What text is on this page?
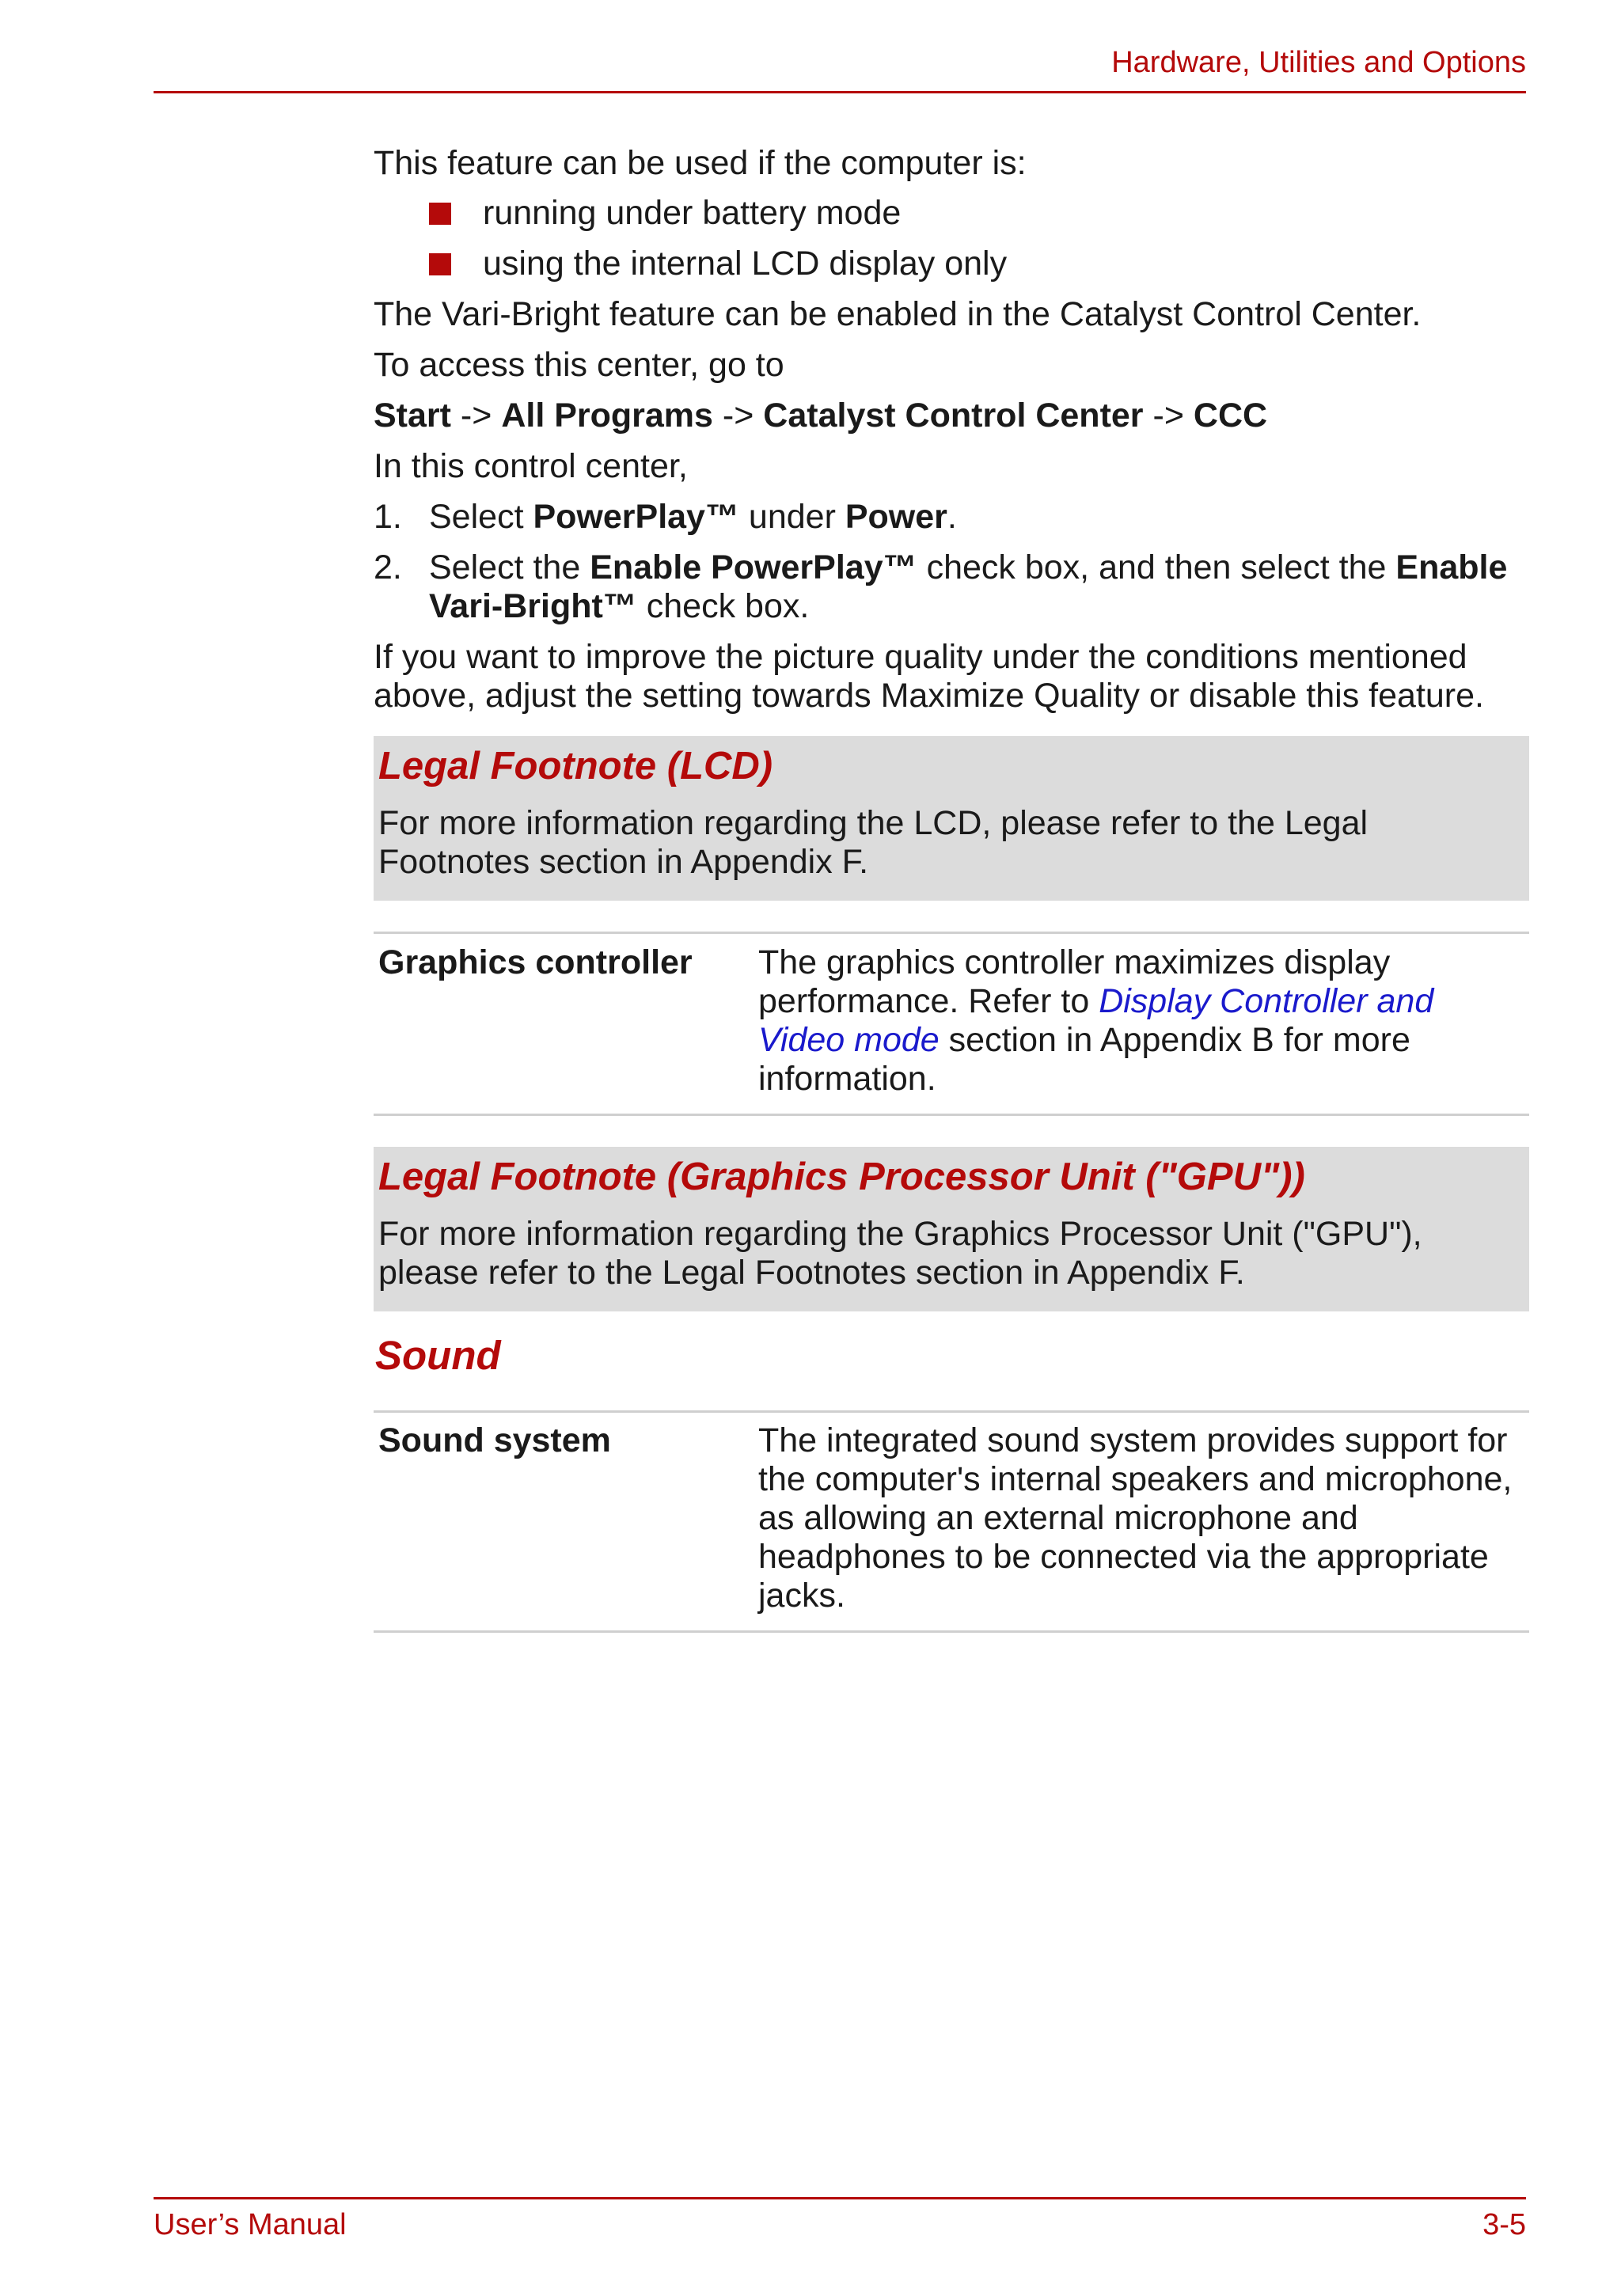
Hardware, Utilities and Options
This feature can be used if the computer is:
running under battery mode
using the internal LCD display only
The Vari-Bright feature can be enabled in the Catalyst Control Center.
To access this center, go to
Start -> All Programs -> Catalyst Control Center -> CCC
In this control center,
1. Select PowerPlay™ under Power.
2. Select the Enable PowerPlay™ check box, and then select the Enable Vari-Bright™ check box.
If you want to improve the picture quality under the conditions mentioned above, adjust the setting towards Maximize Quality or disable this feature.
Legal Footnote (LCD)
For more information regarding the LCD, please refer to the Legal Footnotes section in Appendix F.
Graphics controller The graphics controller maximizes display performance. Refer to Display Controller and Video mode section in Appendix B for more information.
Legal Footnote (Graphics Processor Unit ("GPU"))
For more information regarding the Graphics Processor Unit ("GPU"), please refer to the Legal Footnotes section in Appendix F.
Sound
Sound system	The integrated sound system provides support for the computer's internal speakers and microphone, as allowing an external microphone and headphones to be connected via the appropriate jacks.
User’s Manual	3-5
